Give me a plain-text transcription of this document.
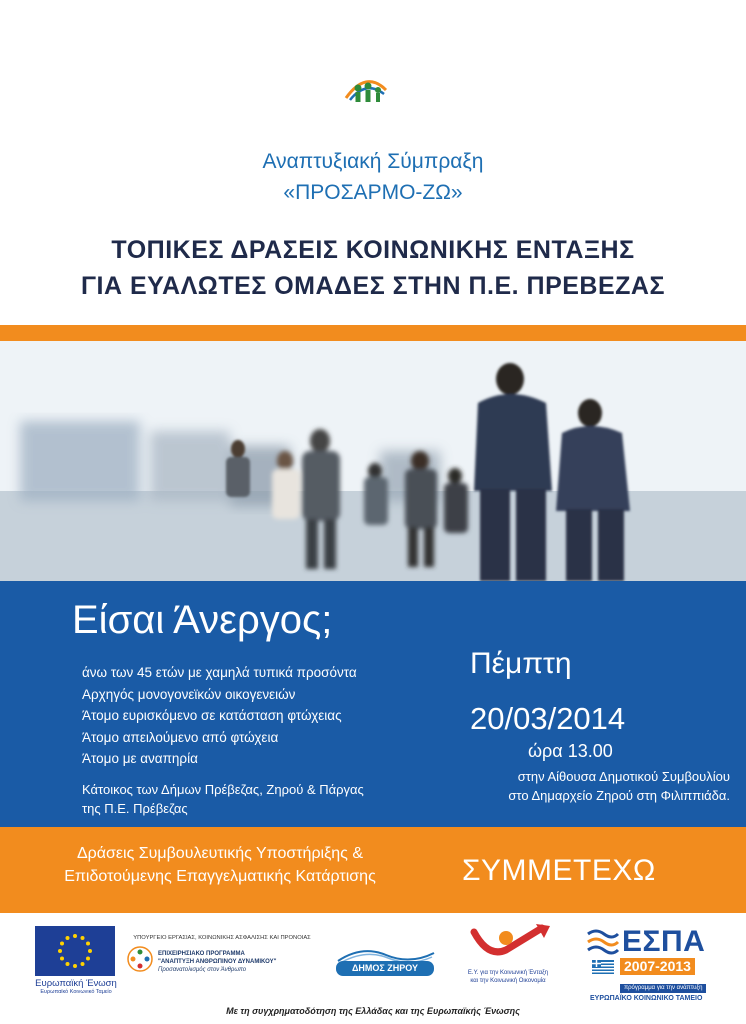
Αναπτυξιακή Σύμπραξη
«ΠΡΟΣΑΡΜΟ-ΖΩ»
ΤΟΠΙΚΕΣ ΔΡΑΣΕΙΣ ΚΟΙΝΩΝΙΚΗΣ ΕΝΤΑΞΗΣ
ΓΙΑ ΕΥΑΛΩΤΕΣ ΟΜΑΔΕΣ ΣΤΗΝ Π.Ε. ΠΡΕΒΕΖΑΣ
Είσαι Άνεργος;
άνω των 45 ετών με χαμηλά τυπικά προσόντα
Αρχηγός μονογονεϊκών οικογενειών
Άτομο ευρισκόμενο σε κατάσταση φτώχειας
Άτομο απειλούμενο από φτώχεια
Άτομο με αναπηρία
Κάτοικος των Δήμων Πρέβεζας, Ζηρού & Πάργας
της Π.Ε. Πρέβεζας
Πέμπτη
20/03/2014
ώρα 13.00
στην Αίθουσα Δημοτικού Συμβουλίου
στο Δημαρχείο Ζηρού στη Φιλιππιάδα.
Δράσεις Συμβουλευτικής Υποστήριξης &
Επιδοτούμενης Επαγγελματικής Κατάρτισης	ΣΥΜΜΕΤΕΧΩ
Ευρωπαϊκή Ένωση
Ευρωπαϊκό Κοινωνικό Ταμείο
ΥΠΟΥΡΓΕΙΟ ΕΡΓΑΣΙΑΣ, ΚΟΙΝΩΝΙΚΗΣ ΑΣΦΑΛΙΣΗΣ ΚΑΙ ΠΡΟΝΟΙΑΣ
ΕΠΙΧΕΙΡΗΣΙΑΚΟ ΠΡΟΓΡΑΜΜΑ
"ΑΝΑΠΤΥΞΗ ΑΝΘΡΩΠΙΝΟΥ ΔΥΝΑΜΙΚΟΥ"
Προσανατολισμός στον Άνθρωπο	ΔΗΜΟΣ ΖΗΡΟΥ	Ε.Υ. για την Κοινωνική Ένταξη
και την Κοινωνική Οικονομία
ΕΣΠΑ
2007-2013
πρόγραμμα για την ανάπτυξη
ΕΥΡΩΠΑΪΚΟ ΚΟΙΝΩΝΙΚΟ ΤΑΜΕΙΟ
Με τη συγχρηματοδότηση της Ελλάδας και της Ευρωπαϊκής Ένωσης
